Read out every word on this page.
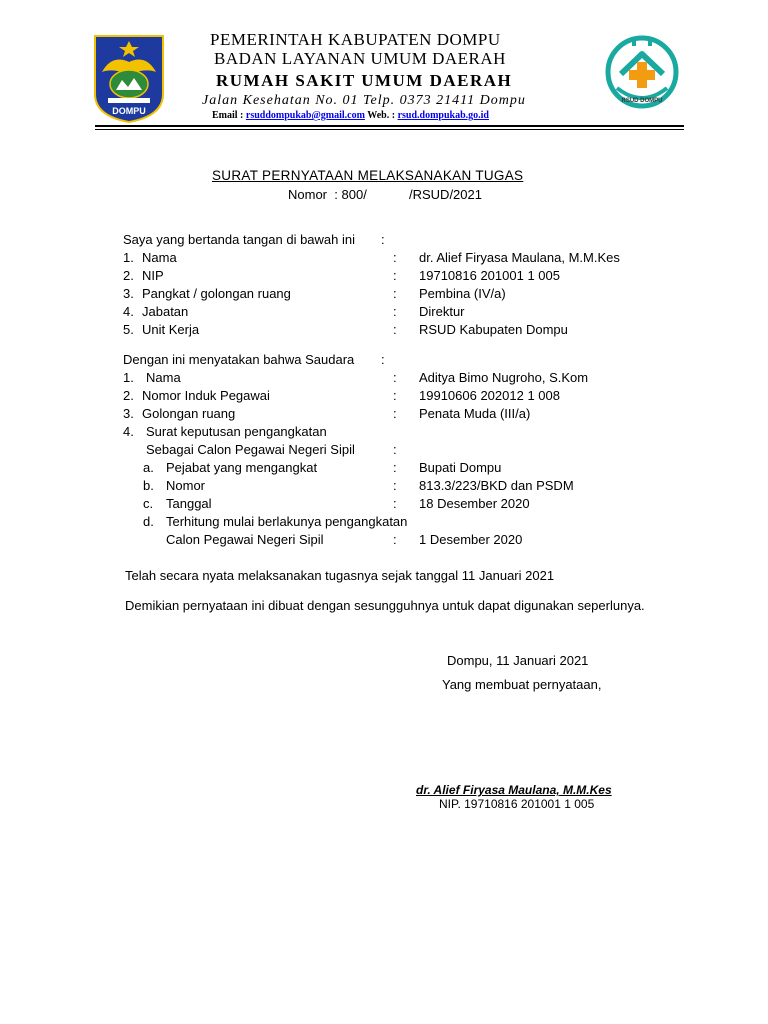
DOMPU
RSUD DOMPU
PEMERINTAH KABUPATEN DOMPU
BADAN LAYANAN UMUM DAERAH
RUMAH SAKIT UMUM DAERAH
Jalan Kesehatan No. 01 Telp. 0373 21411 Dompu
Email : rsuddompukab@gmail.com Web. : rsud.dompukab.go.id
SURAT PERNYATAAN MELAKSANAKAN TUGAS
Nomor : 800/	/RSUD/2021
Saya yang bertanda tangan di bawah ini :
1. Nama	: dr. Alief Firyasa Maulana, M.M.Kes
2. NIP	: 19710816 201001 1 005
3. Pangkat / golongan ruang	: Pembina (IV/a)
4. Jabatan	: Direktur
5. Unit Kerja	: RSUD Kabupaten Dompu
Dengan ini menyatakan bahwa Saudara :
1. Nama	: Aditya Bimo Nugroho, S.Kom
2. Nomor Induk Pegawai	: 19910606 202012 1 008
3. Golongan ruang	: Penata Muda (III/a)
4. Surat keputusan pengangkatan
Sebagai Calon Pegawai Negeri Sipil	:
a. Pejabat yang mengangkat	: Bupati Dompu
b. Nomor	: 813.3/223/BKD dan PSDM
c. Tanggal	: 18 Desember 2020
d. Terhitung mulai berlakunya pengangkatan
Calon Pegawai Negeri Sipil	: 1 Desember 2020
Telah secara nyata melaksanakan tugasnya sejak tanggal 11 Januari 2021
Demikian pernyataan ini dibuat dengan sesungguhnya untuk dapat digunakan seperlunya.
Dompu, 11 Januari 2021
Yang membuat pernyataan,
dr. Alief Firyasa Maulana, M.M.Kes
NIP. 19710816 201001 1 005
